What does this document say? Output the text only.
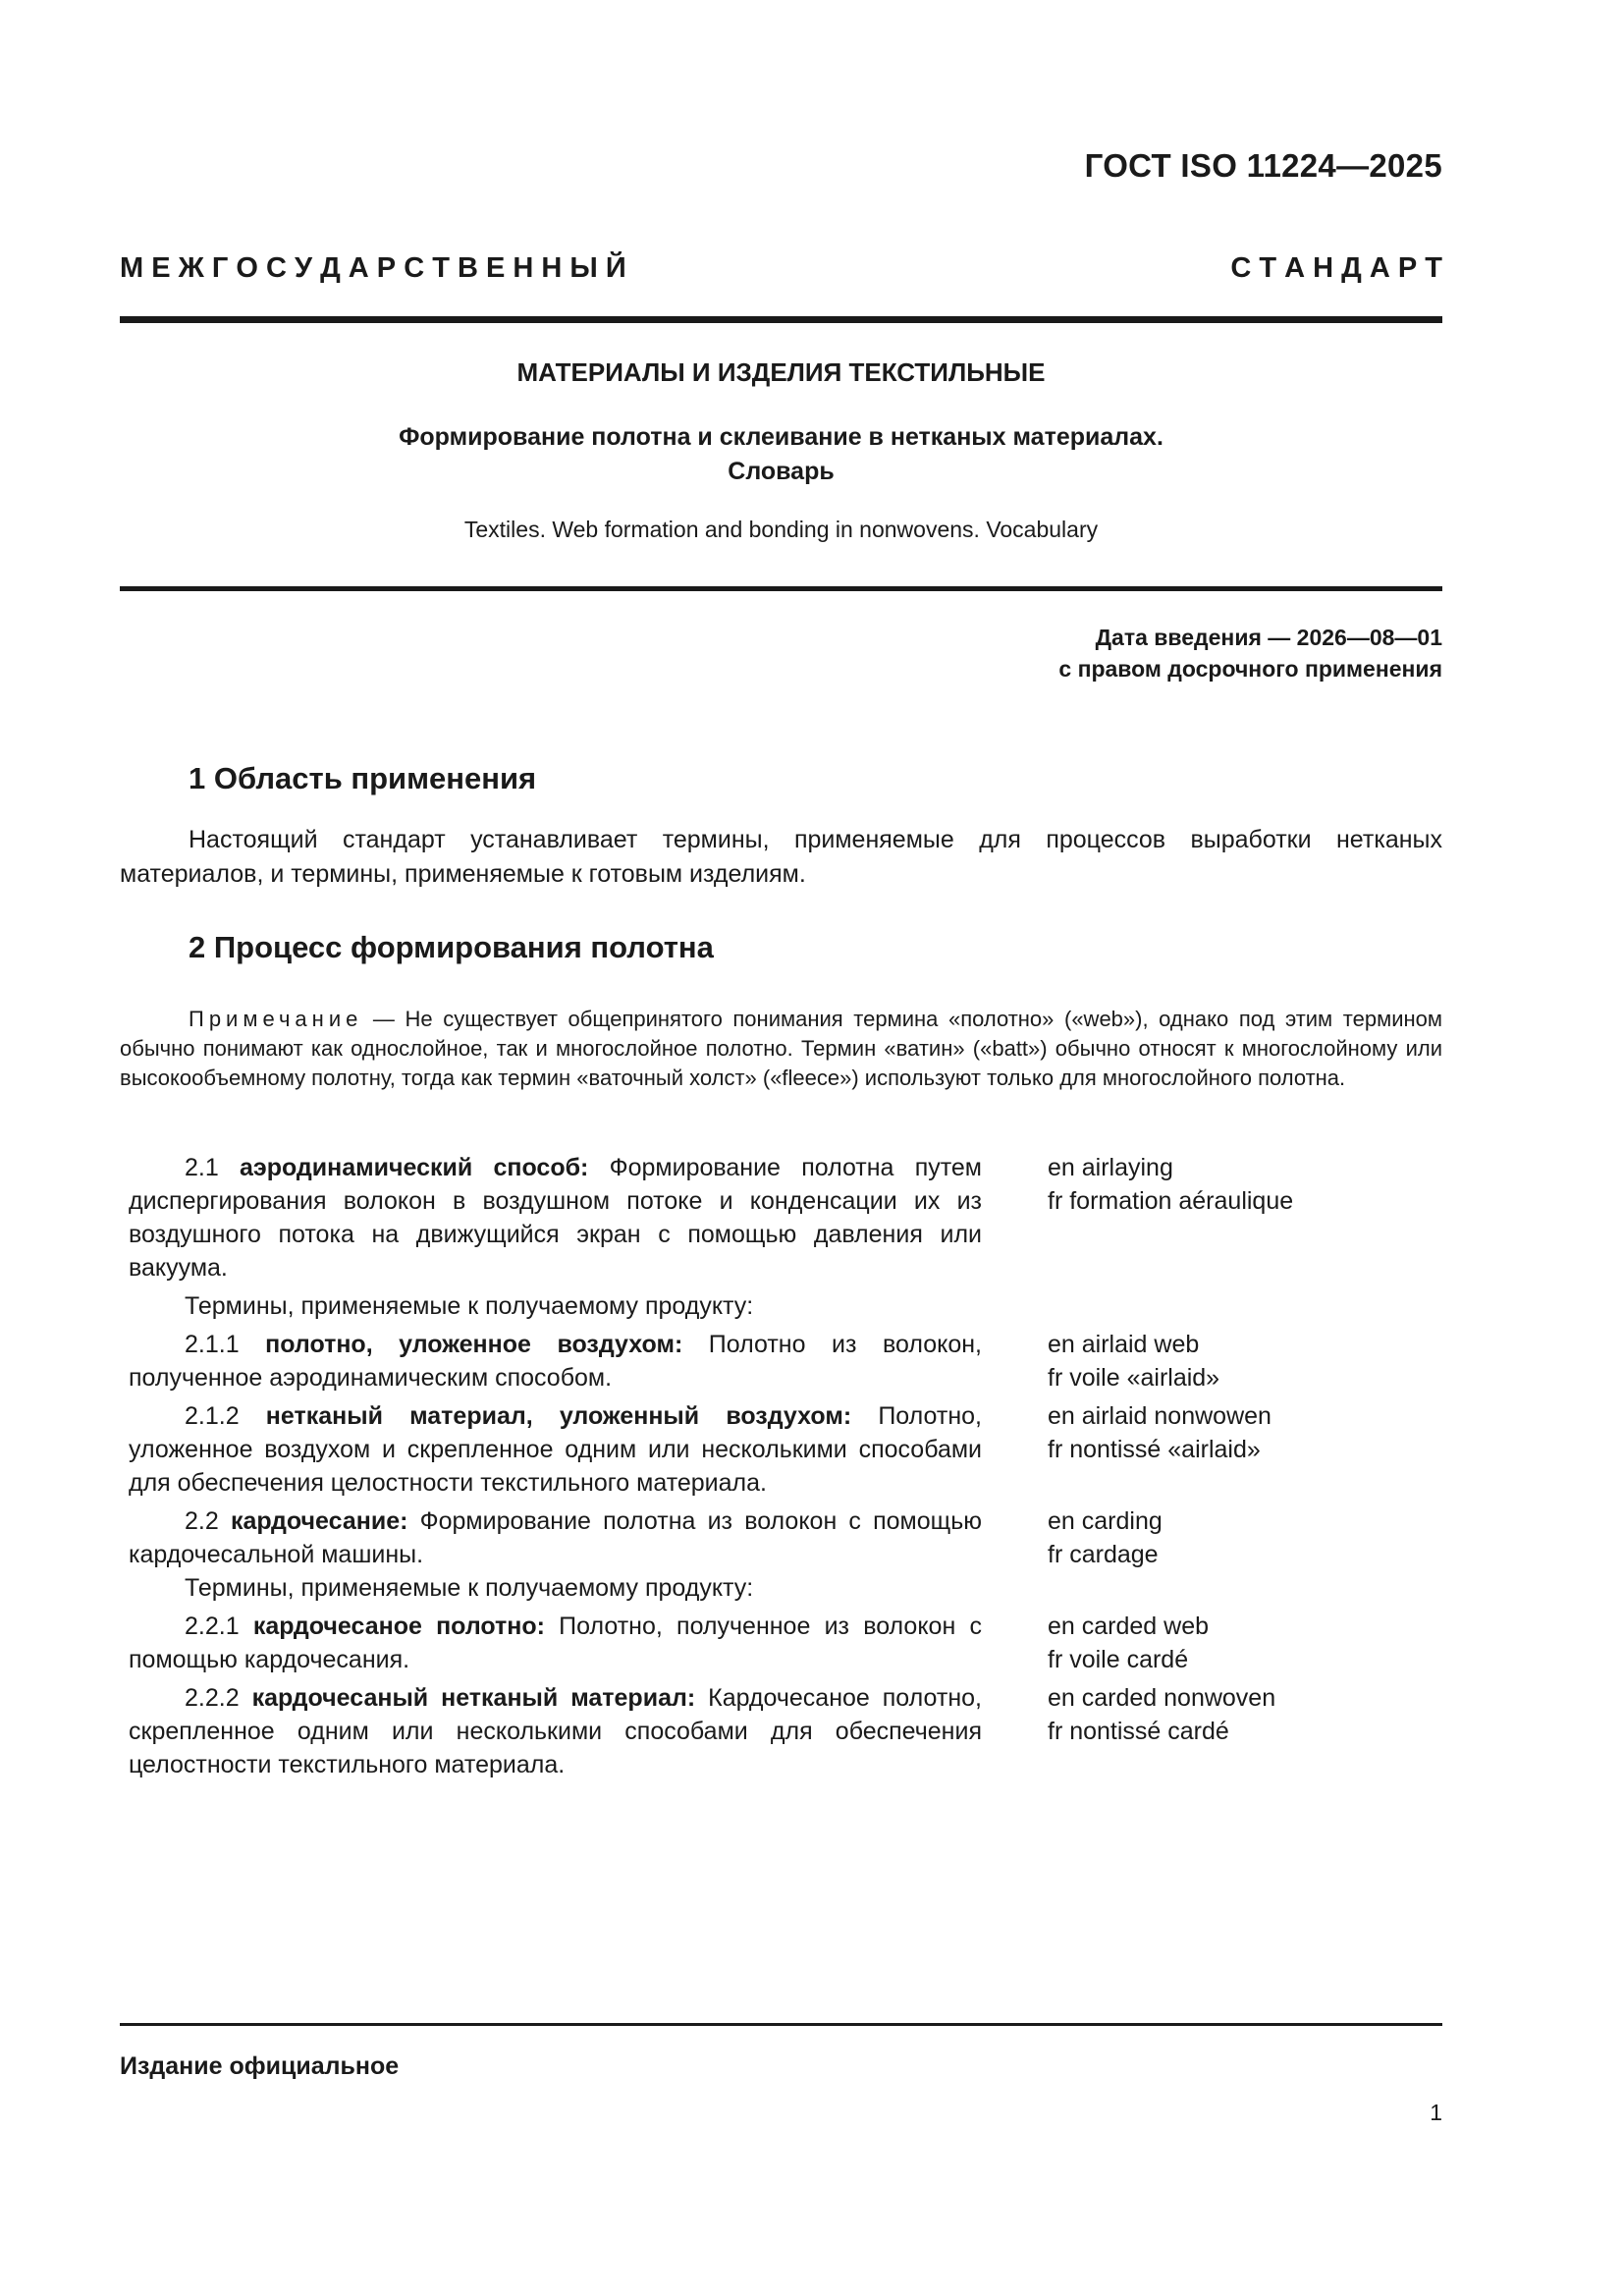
ГОСТ ISO 11224—2025
М Е Ж Г О С У Д А Р С Т В Е Н Н Ы Й	С Т А Н Д А Р Т
МАТЕРИАЛЫ И ИЗДЕЛИЯ ТЕКСТИЛЬНЫЕ
Формирование полотна и склеивание в нетканых материалах.
Словарь
Textiles. Web formation and bonding in nonwovens. Vocabulary
Дата введения — 2026—08—01
с правом досрочного применения
1 Область применения
Настоящий стандарт устанавливает термины, применяемые для процессов выработки нетканых материалов, и термины, применяемые к готовым изделиям.
2 Процесс формирования полотна
Примечание — Не существует общепринятого понимания термина «полотно» («web»), однако под этим термином обычно понимают как однослойное, так и многослойное полотно. Термин «ватин» («batt») обычно относят к многослойному или высокообъемному полотну, тогда как термин «ваточный холст» («fleece») используют только для многослойного полотна.
2.1 аэродинамический способ: Формирование полотна путем диспергирования волокон в воздушном потоке и конденсации их из воздушного потока на движущийся экран с помощью давления или вакуума.
en airlaying
fr formation aéraulique
Термины, применяемые к получаемому продукту:
2.1.1 полотно, уложенное воздухом: Полотно из волокон, полученное аэродинамическим способом.
en airlaid web
fr voile «airlaid»
2.1.2 нетканый материал, уложенный воздухом: Полотно, уложенное воздухом и скрепленное одним или несколькими способами для обеспечения целостности текстильного материала.
en airlaid nonwowen
fr nontissé «airlaid»
2.2 кардочесание: Формирование полотна из волокон с помощью кардочесальной машины.
en carding
fr cardage
Термины, применяемые к получаемому продукту:
2.2.1 кардочесаное полотно: Полотно, полученное из волокон с помощью кардочесания.
en carded web
fr voile cardé
2.2.2 кардочесаный нетканый материал: Кардочесаное полотно, скрепленное одним или несколькими способами для обеспечения целостности текстильного материала.
en carded nonwoven
fr nontissé cardé
Издание официальное
1
